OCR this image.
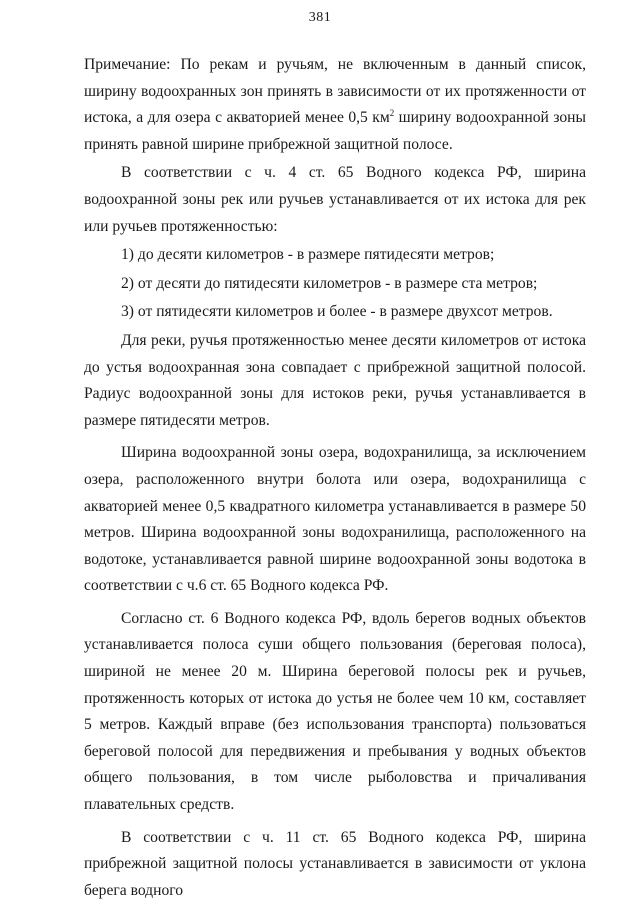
381

Примечание: По рекам и ручьям, не включенным в данный список, ширину водоохранных зон принять в зависимости от их протяженности от истока, а для озера с акваторией менее 0,5 $км^2$ ширину водоохранной зоны принять равной ширине прибрежной защитной полосе.

В соответствии с ч. 4 ст. 65 Водного кодекса РФ, ширина водоохранной зоны рек или ручьев устанавливается от их истока для рек или ручьев протяженностью:

1) до десяти километров - в размере пятидесяти метров;

2) от десяти до пятидесяти километров - в размере ста метров;

3) от пятидесяти километров и более - в размере двухсот метров.

Для реки, ручья протяженностью менее десяти километров от истока до устья водоохранная зона совпадает с прибрежной защитной полосой. Радиус водоохранной зоны для истоков реки, ручья устанавливается в размере пятидесяти метров.

Ширина водоохранной зоны озера, водохранилища, за исключением озера, расположенного внутри болота или озера, водохранилища с акваторией менее 0,5 квадратного километра устанавливается в размере 50 метров. Ширина водоохранной зоны водохранилища, расположенного на водотоке, устанавливается равной ширине водоохранной зоны водотока в соответствии с ч.6 ст. 65 Водного кодекса РФ.

Согласно ст. 6 Водного кодекса РФ, вдоль берегов водных объектов устанавливается полоса суши общего пользования (береговая полоса), шириной не менее 20 м. Ширина береговой полосы рек и ручьев, протяженность которых от истока до устья не более чем 10 км, составляет 5 метров. Каждый вправе (без использования транспорта) пользоваться береговой полосой для передвижения и пребывания у водных объектов общего пользования, в том числе рыболовства и причаливания плавательных средств.

В соответствии с ч. 11 ст. 65 Водного кодекса РФ, ширина прибрежной защитной полосы устанавливается в зависимости от уклона берега водного
